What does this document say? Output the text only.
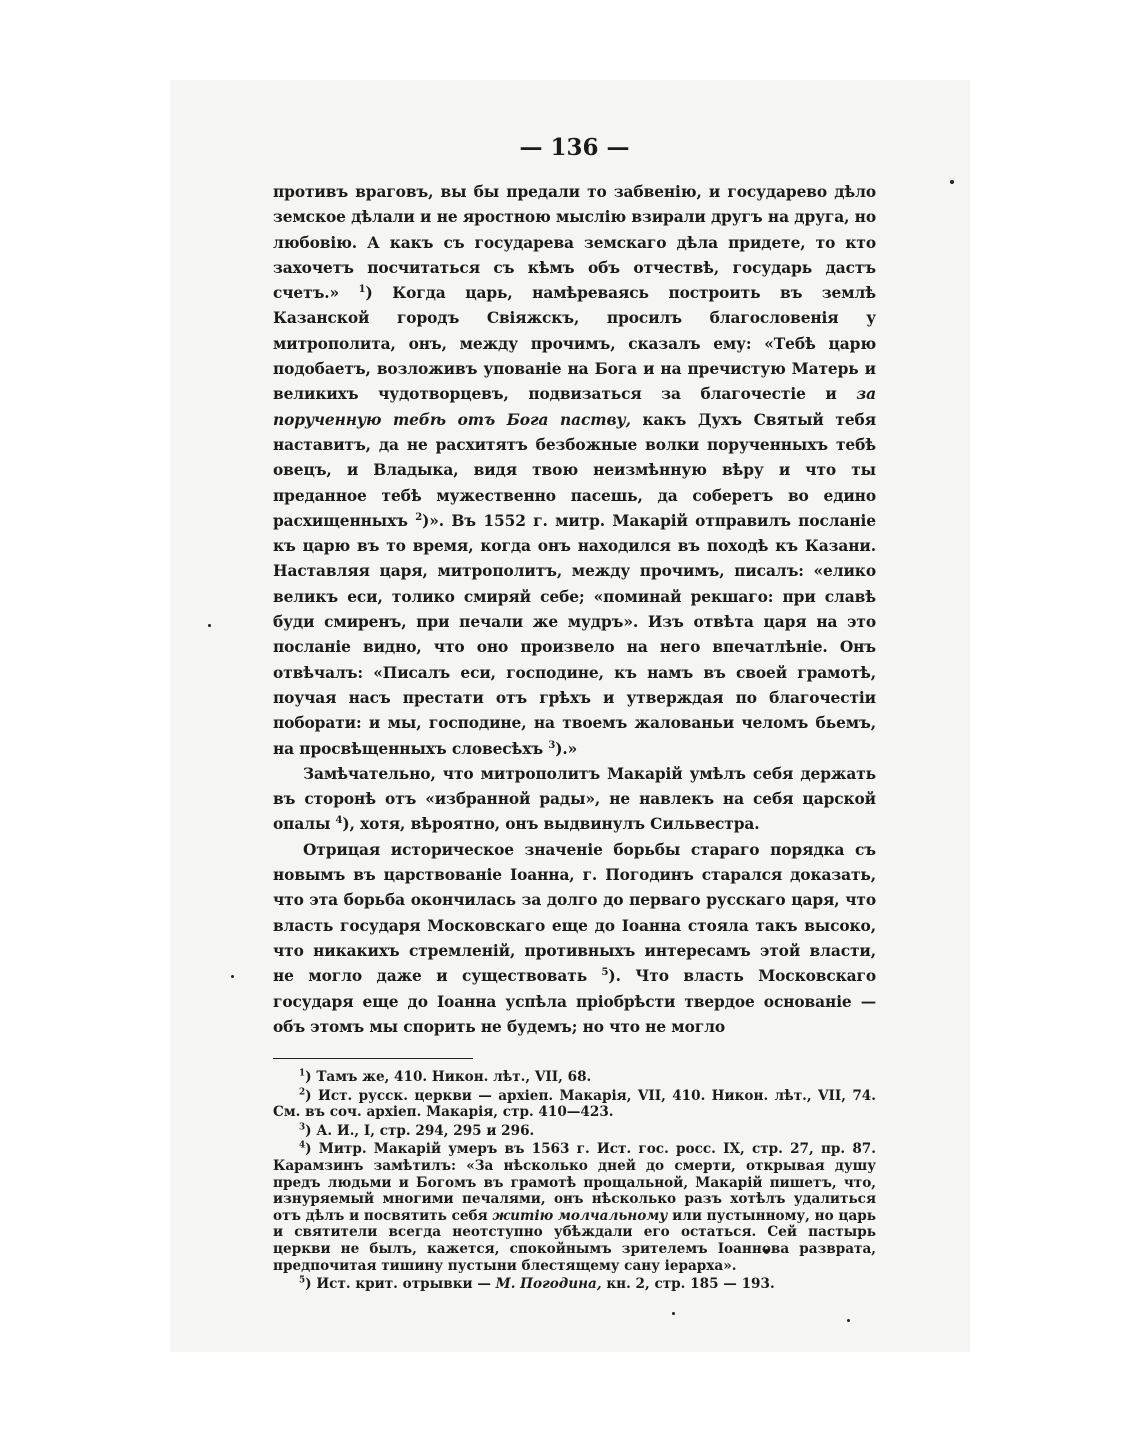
— 136 —

противъ враговъ, вы бы предали то забвенію, и государево дѣло земское дѣлали и не яростною мыслію взирали другъ на друга, но любовію. А какъ съ государева земскаго дѣла придете, то кто захочетъ посчитаться съ кѣмъ объ отчествѣ, государь дастъ счетъ.» $^1$) Когда царь, намѣреваясь построить въ землѣ Казанской городъ Свіяжскъ, просилъ благословенія у митрополита, онъ, между прочимъ, сказалъ ему: «Тебѣ царю подобаетъ, возложивъ упованіе на Бога и на пречистую Матерь и великихъ чудотворцевъ, подвизаться за благочестіе и за порученную тебѣ отъ Бога паству, какъ Духъ Святый тебя наставитъ, да не расхитятъ безбожные волки порученныхъ тебѣ овецъ, и Владыка, видя твою неизмѣнную вѣру и что ты преданное тебѣ мужественно пасешь, да соберетъ во едино расхищенныхъ $^2$)». Въ 1552 г. митр. Макарій отправилъ посланіе къ царю въ то время, когда онъ находился въ походѣ къ Казани. Наставляя царя, митрополитъ, между прочимъ, писалъ: «елико великъ еси, толико смиряй себе; «поминай рекшаго: при славѣ буди смиренъ, при печали же мудръ». Изъ отвѣта царя на это посланіе видно, что оно произвело на него впечатлѣніе. Онъ отвѣчалъ: «Писалъ еси, господине, къ намъ въ своей грамотѣ, поучая насъ престати отъ грѣхъ и утверждая по благочестіи поборати: и мы, господине, на твоемъ жалованьи челомъ бьемъ, на просвѣщенныхъ словесѣхъ $^3$).»

Замѣчательно, что митрополитъ Макарій умѣлъ себя держать въ сторонѣ отъ «избранной рады», не навлекъ на себя царской опалы $^4$), хотя, вѣроятно, онъ выдвинулъ Сильвестра.

Отрицая историческое значеніе борьбы стараго порядка съ новымъ въ царствованіе Іоанна, г. Погодинъ старался доказать, что эта борьба окончилась за долго до перваго русскаго царя, что власть государя Московскаго еще до Іоанна стояла такъ высоко, что никакихъ стремленій, противныхъ интересамъ этой власти, не могло даже и существовать $^5$). Что власть Московскаго государя еще до Іоанна успѣла пріобрѣсти твердое основаніе — объ этомъ мы спорить не будемъ; но что не могло

$^1$) Тамъ же, 410. Никон. лѣт., VII, 68.

$^2$) Ист. русск. церкви — архіеп. Макарія, VII, 410. Никон. лѣт., VII, 74. См. въ соч. архіеп. Макарія, стр. 410—423.

$^3$) А. И., I, стр. 294, 295 и 296.

$^4$) Митр. Макарій умеръ въ 1563 г. Ист. гос. росс. IX, стр. 27, пр. 87. Карамзинъ замѣтилъ: «За нѣсколько дней до смерти, открывая душу предъ людьми и Богомъ въ грамотѣ прощальной, Макарій пишетъ, что, изнуряемый многими печалями, онъ нѣсколько разъ хотѣлъ удалиться отъ дѣлъ и посвятить себя житію молчальному или пустынному, но царь и святители всегда неотступно убѣждали его остаться. Сей пастырь церкви не былъ, кажется, спокойнымъ зрителемъ Іоаннова разврата, предпочитая тишину пустыни блестящему сану іерарха».

$^5$) Ист. крит. отрывки — М. Погодина, кн. 2, стр. 185 — 193.
